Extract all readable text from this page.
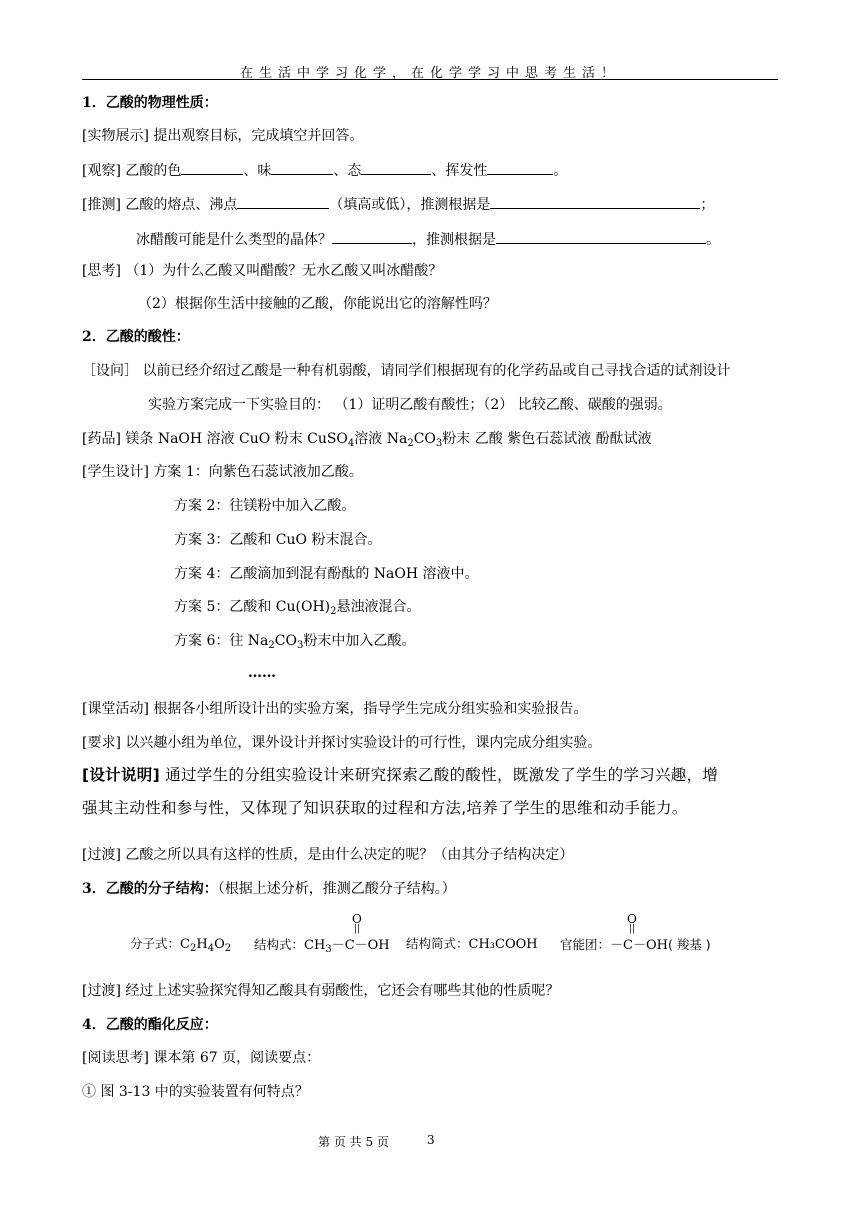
在生活中学习化学，在化学学习中思考生活！
1．乙酸的物理性质：
[实物展示] 提出观察目标，完成填空并回答。
[观察] 乙酸的色	、味	、态	、挥发性	。
[推测] 乙酸的熔点、沸点	（填高或低），推测根据是	；
冰醋酸可能是什么类型的晶体？	，推测根据是	。
[思考] （1）为什么乙酸又叫醋酸？无水乙酸又叫冰醋酸？
（2）根据你生活中接触的乙酸，你能说出它的溶解性吗？
2．乙酸的酸性：
［设问］ 以前已经介绍过乙酸是一种有机弱酸，请同学们根据现有的化学药品或自己寻找合适的试剂设计
实验方案完成一下实验目的： （1）证明乙酸有酸性；（2） 比较乙酸、碳酸的强弱。
[药品] 镁条 NaOH 溶液 CuO 粉末 CuSO$_4$溶液 $Na_2CO_3$粉末 乙酸 紫色石蕊试液 酚酞试液
[学生设计] 方案 1：向紫色石蕊试液加乙酸。
方案 2：往镁粉中加入乙酸。
方案 3：乙酸和 CuO 粉末混合。
方案 4：乙酸滴加到混有酚酞的 NaOH 溶液中。
方案 5：乙酸和 $Cu(OH)_2$悬浊液混合。
方案 6：往 $Na_2CO_3$粉末中加入乙酸。
……
[课堂活动] 根据各小组所设计出的实验方案，指导学生完成分组实验和实验报告。
[要求] 以兴趣小组为单位，课外设计并探讨实验设计的可行性，课内完成分组实验。
[设计说明] 通过学生的分组实验设计来研究探索乙酸的酸性，既激发了学生的学习兴趣，增
强其主动性和参与性，又体现了知识获取的过程和方法,培养了学生的思维和动手能力。
[过渡] 乙酸之所以具有这样的性质，是由什么决定的呢？（由其分子结构决定）
3．乙酸的分子结构：（根据上述分析，推测乙酸分子结构。）
分子式：$C_2H_4O_2$ 结构式：$CH_3-C-OH$
O
||
结构简式：CH₃COOH 官能团：－C－OH( 羧基 )
O
||
[过渡] 经过上述实验探究得知乙酸具有弱酸性，它还会有哪些其他的性质呢？
4．乙酸的酯化反应：
[阅读思考] 课本第 67 页，阅读要点：
① 图 3-13 中的实验装置有何特点？
第 页 共 5 页	3
